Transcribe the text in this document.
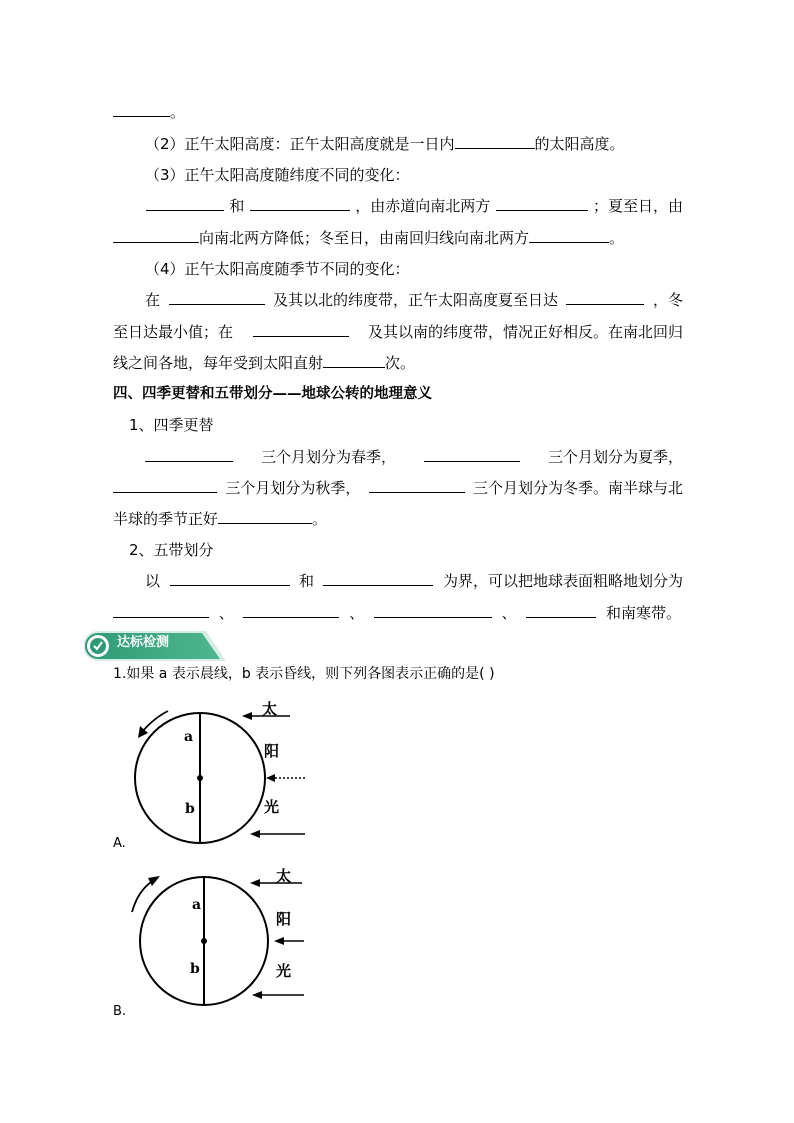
。
（2）正午太阳高度：正午太阳高度就是一日内	的太阳高度。
（3）正午太阳高度随纬度不同的变化：
和	，由赤道向南北两方	；夏至日，由
向南北两方降低；冬至日，由南回归线向南北两方	。
（4）正午太阳高度随季节不同的变化：
在	及其以北的纬度带，正午太阳高度夏至日达	，冬
至日达最小值；在	及其以南的纬度带，情况正好相反。在南北回归
线之间各地，每年受到太阳直射	次。
四、四季更替和五带划分——地球公转的地理意义
1、四季更替
三个月划分为春季，	三个月划分为夏季，
三个月划分为秋季，	三个月划分为冬季。南半球与北
半球的季节正好	。
2、五带划分
以	和	为界，可以把地球表面粗略地划分为
、	、	、	和南寒带。
达标检测
1.如果 a 表示晨线，b 表示昏线，则下列各图表示正确的是( )
a
b
太
阳
光
A.
a
b
太
阳
光
B.
